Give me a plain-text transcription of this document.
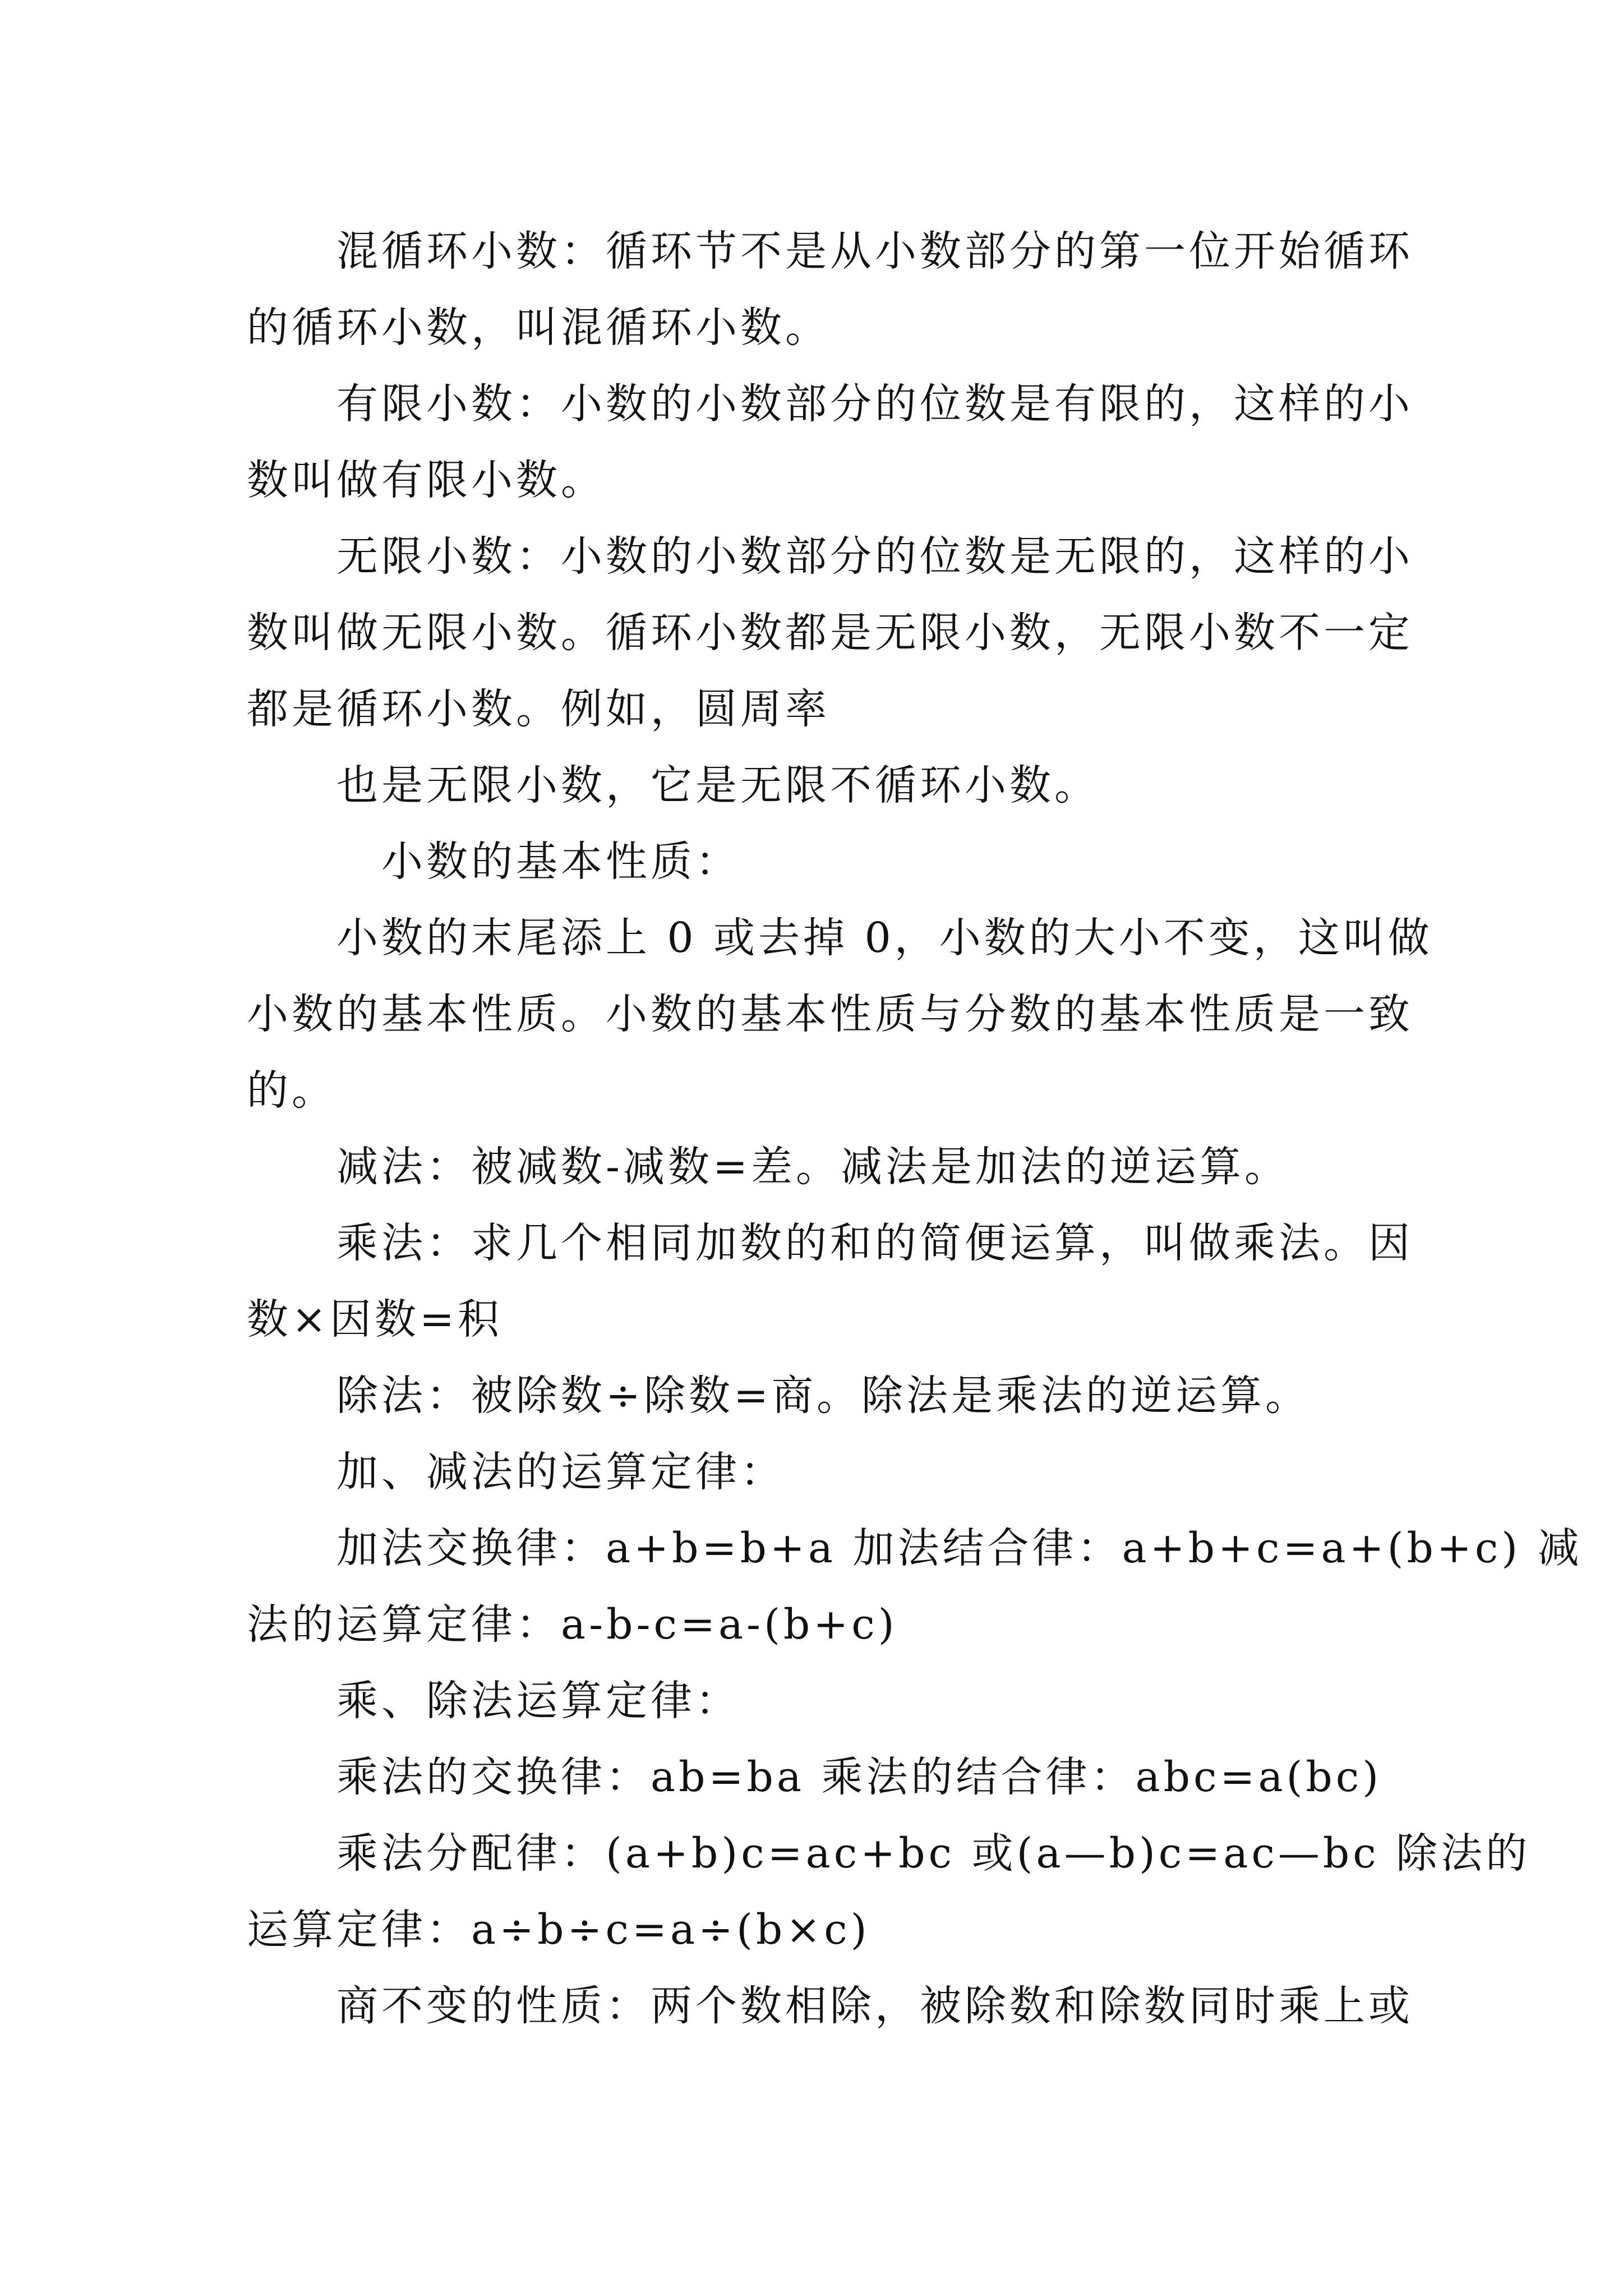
混循环小数：循环节不是从小数部分的第一位开始循环
的循环小数，叫混循环小数。
有限小数：小数的小数部分的位数是有限的，这样的小
数叫做有限小数。
无限小数：小数的小数部分的位数是无限的，这样的小
数叫做无限小数。循环小数都是无限小数，无限小数不一定
都是循环小数。例如，圆周率
也是无限小数，它是无限不循环小数。
小数的基本性质：
小数的末尾添上 0 或去掉 0，小数的大小不变，这叫做
小数的基本性质。小数的基本性质与分数的基本性质是一致
的。
减法：被减数-减数=差。减法是加法的逆运算。
乘法：求几个相同加数的和的简便运算，叫做乘法。因
数×因数=积
除法：被除数÷除数=商。除法是乘法的逆运算。
加、减法的运算定律：
加法交换律：a+b=b+a 加法结合律：a+b+c=a+(b+c) 减
法的运算定律：a-b-c=a-(b+c)
乘、除法运算定律：
乘法的交换律：ab=ba 乘法的结合律：abc=a(bc)
乘法分配律：(a+b)c=ac+bc 或(a—b)c=ac—bc 除法的
运算定律：a÷b÷c=a÷(b×c)
商不变的性质：两个数相除，被除数和除数同时乘上或
